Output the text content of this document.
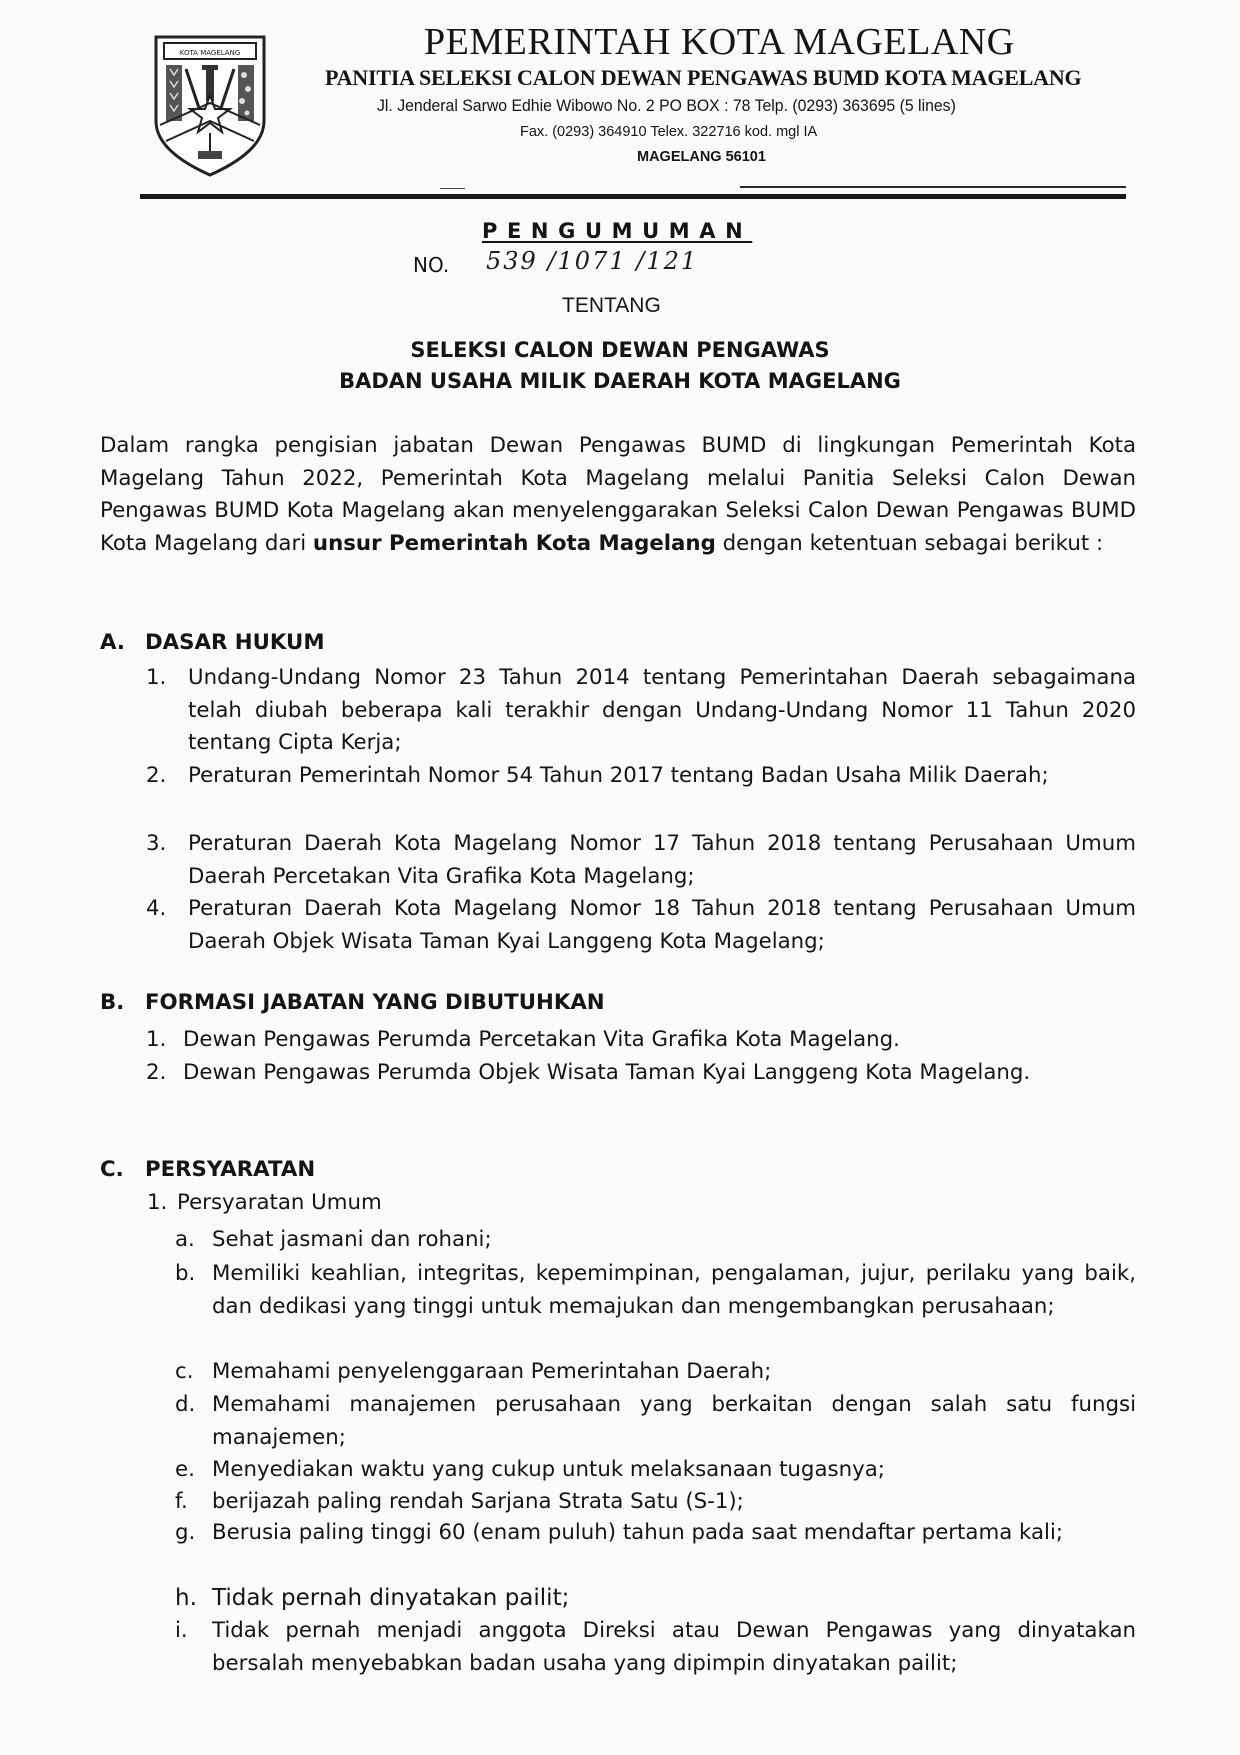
KOTA MAGELANG	PEMERINTAH KOTA MAGELANG
PANITIA SELEKSI CALON DEWAN PENGAWAS BUMD KOTA MAGELANG
Jl. Jenderal Sarwo Edhie Wibowo No. 2 PO BOX : 78 Telp. (0293) 363695 (5 lines)
Fax. (0293) 364910 Telex. 322716 kod. mgl IA
MAGELANG 56101
PENGUMUMAN
NO. 539 /1071 /121
TENTANG
SELEKSI CALON DEWAN PENGAWAS
BADAN USAHA MILIK DAERAH KOTA MAGELANG
Dalam rangka pengisian jabatan Dewan Pengawas BUMD di lingkungan Pemerintah Kota Magelang Tahun 2022, Pemerintah Kota Magelang melalui Panitia Seleksi Calon Dewan Pengawas BUMD Kota Magelang akan menyelenggarakan Seleksi Calon Dewan Pengawas BUMD Kota Magelang dari unsur Pemerintah Kota Magelang dengan ketentuan sebagai berikut :
A. DASAR HUKUM
1. Undang-Undang Nomor 23 Tahun 2014 tentang Pemerintahan Daerah sebagaimana telah diubah beberapa kali terakhir dengan Undang-Undang Nomor 11 Tahun 2020 tentang Cipta Kerja;
2. Peraturan Pemerintah Nomor 54 Tahun 2017 tentang Badan Usaha Milik Daerah;
3. Peraturan Daerah Kota Magelang Nomor 17 Tahun 2018 tentang Perusahaan Umum Daerah Percetakan Vita Grafika Kota Magelang;
4. Peraturan Daerah Kota Magelang Nomor 18 Tahun 2018 tentang Perusahaan Umum Daerah Objek Wisata Taman Kyai Langgeng Kota Magelang;
B. FORMASI JABATAN YANG DIBUTUHKAN
1. Dewan Pengawas Perumda Percetakan Vita Grafika Kota Magelang.
2. Dewan Pengawas Perumda Objek Wisata Taman Kyai Langgeng Kota Magelang.
C. PERSYARATAN
1. Persyaratan Umum
a. Sehat jasmani dan rohani;
b. Memiliki keahlian, integritas, kepemimpinan, pengalaman, jujur, perilaku yang baik, dan dedikasi yang tinggi untuk memajukan dan mengembangkan perusahaan;
c. Memahami penyelenggaraan Pemerintahan Daerah;
d. Memahami manajemen perusahaan yang berkaitan dengan salah satu fungsi manajemen;
e. Menyediakan waktu yang cukup untuk melaksanaan tugasnya;
f. berijazah paling rendah Sarjana Strata Satu (S-1);
g. Berusia paling tinggi 60 (enam puluh) tahun pada saat mendaftar pertama kali;
h. Tidak pernah dinyatakan pailit;
i. Tidak pernah menjadi anggota Direksi atau Dewan Pengawas yang dinyatakan bersalah menyebabkan badan usaha yang dipimpin dinyatakan pailit;
